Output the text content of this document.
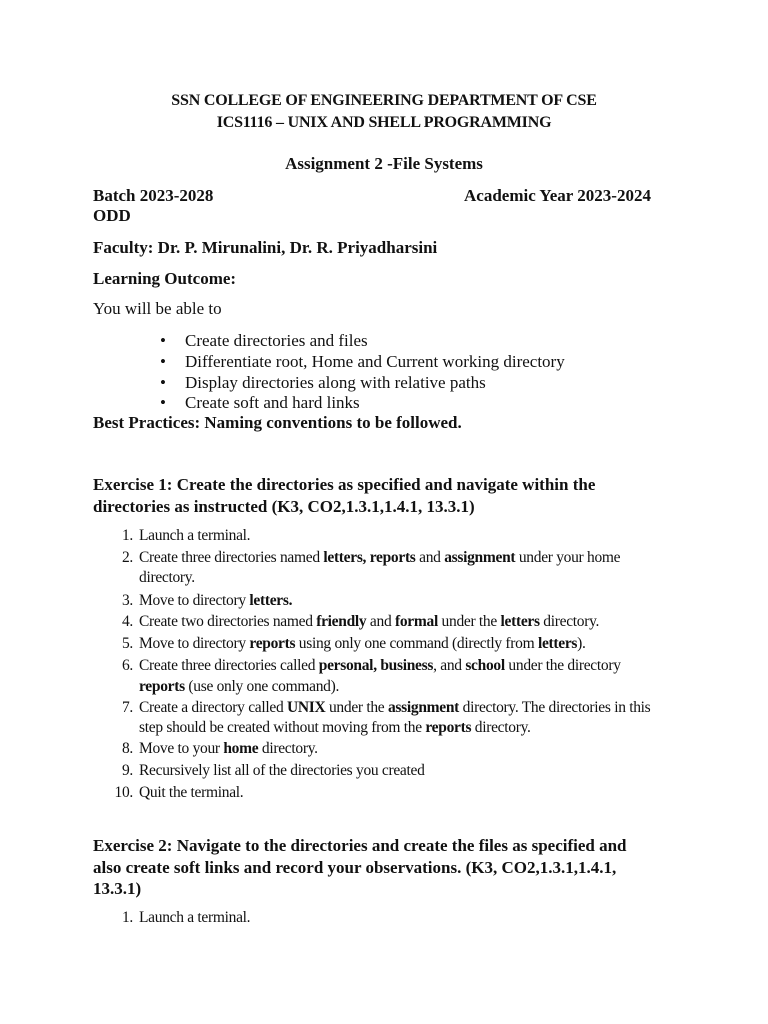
SSN COLLEGE OF ENGINEERING DEPARTMENT OF CSE
ICS1116 – UNIX AND SHELL PROGRAMMING
Assignment 2 -File Systems
Batch 2023-2028	Academic Year 2023-2024
ODD
Faculty: Dr. P. Mirunalini, Dr. R. Priyadharsini
Learning Outcome:
You will be able to
• Create directories and files
• Differentiate root, Home and Current working directory
• Display directories along with relative paths
• Create soft and hard links
Best Practices: Naming conventions to be followed.
Exercise 1: Create the directories as specified and navigate within the
directories as instructed (K3, CO2,1.3.1,1.4.1, 13.3.1)
1. Launch a terminal.
2. Create three directories named letters, reports and assignment under your home
directory.
3. Move to directory letters.
4. Create two directories named friendly and formal under the letters directory.
5. Move to directory reports using only one command (directly from letters).
6. Create three directories called personal, business, and school under the directory
reports (use only one command).
7. Create a directory called UNIX under the assignment directory. The directories in this
step should be created without moving from the reports directory.
8. Move to your home directory.
9. Recursively list all of the directories you created
10. Quit the terminal.
Exercise 2: Navigate to the directories and create the files as specified and
also create soft links and record your observations. (K3, CO2,1.3.1,1.4.1,
13.3.1)
1. Launch a terminal.
